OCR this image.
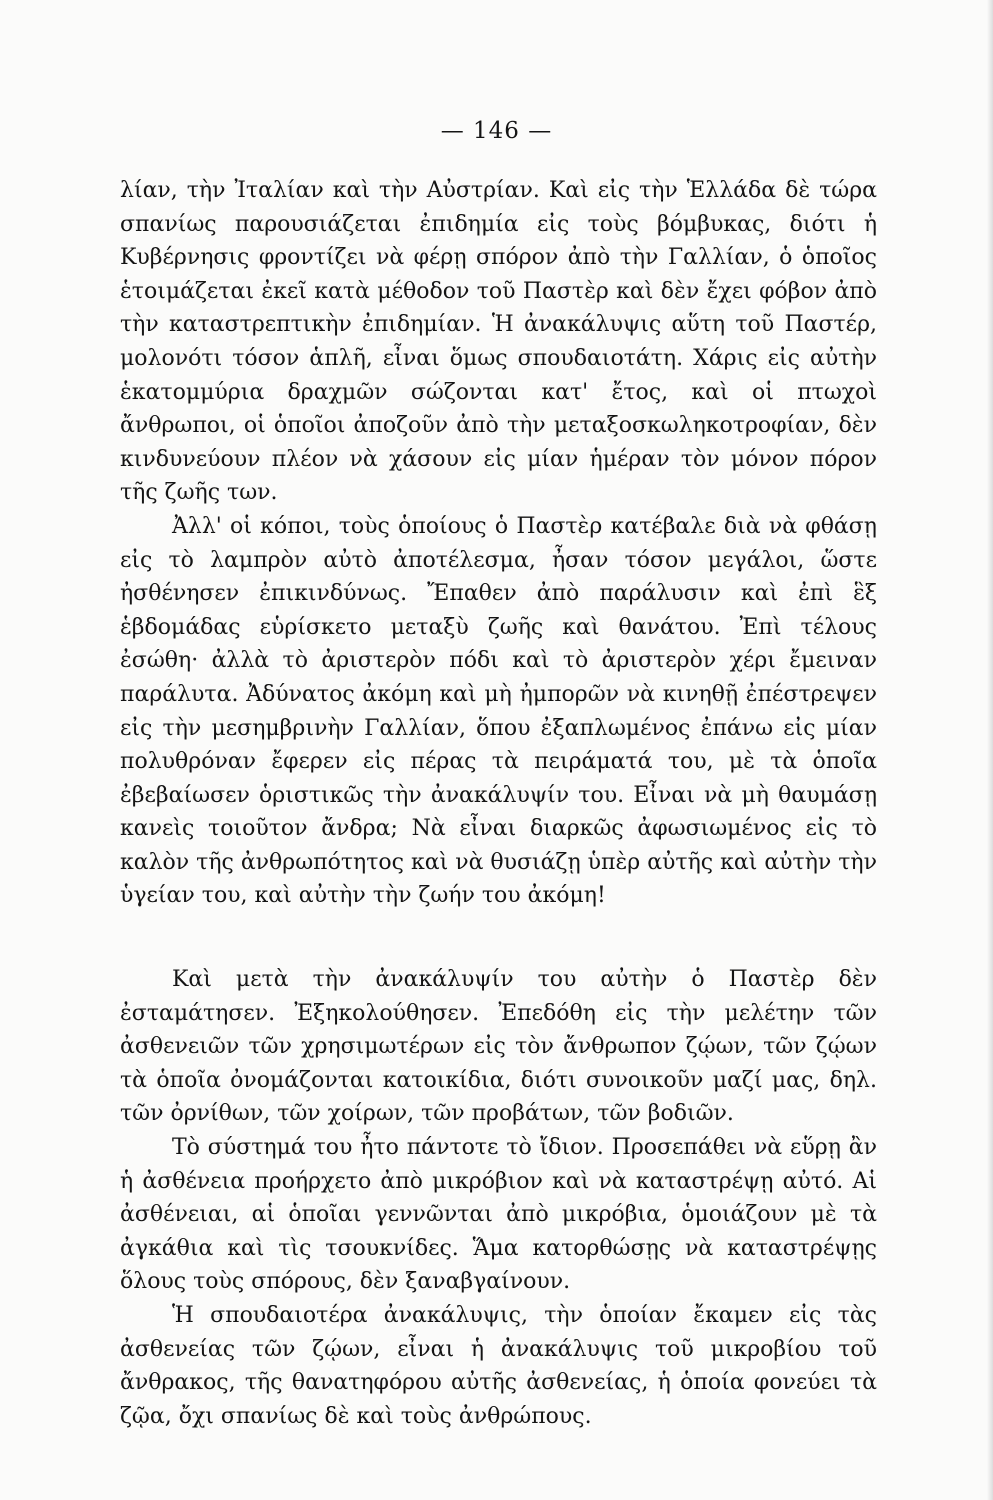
— 146 —

λίαν, τὴν Ἰταλίαν καὶ τὴν Αὐστρίαν. Καὶ εἰς τὴν Ἑλλάδα δὲ τώρα σπανίως παρουσιάζεται ἐπιδημία εἰς τοὺς βόμβυκας, διότι ἡ Κυβέρνησις φροντίζει νὰ φέρῃ σπόρον ἀπὸ τὴν Γαλλίαν, ὁ ὁποῖος ἑτοιμάζεται ἐκεῖ κατὰ μέθοδον τοῦ Παστὲρ καὶ δὲν ἔχει φόβον ἀπὸ τὴν καταστρεπτικὴν ἐπιδημίαν. Ἡ ἀνακάλυψις αὕτη τοῦ Παστέρ, μολονότι τόσον ἁπλῆ, εἶναι ὅμως σπουδαιοτάτη. Χάρις εἰς αὐτὴν ἑκατομμύρια δραχμῶν σώζονται κατ' ἔτος, καὶ οἱ πτωχοὶ ἄνθρωποι, οἱ ὁποῖοι ἀποζοῦν ἀπὸ τὴν μεταξοσκωληκοτροφίαν, δὲν κινδυνεύουν πλέον νὰ χάσουν εἰς μίαν ἡμέραν τὸν μόνον πόρον τῆς ζωῆς των.

Ἀλλ' οἱ κόποι, τοὺς ὁποίους ὁ Παστὲρ κατέβαλε διὰ νὰ φθάσῃ εἰς τὸ λαμπρὸν αὐτὸ ἀποτέλεσμα, ἦσαν τόσον μεγάλοι, ὥστε ἠσθένησεν ἐπικινδύνως. Ἔπαθεν ἀπὸ παράλυσιν καὶ ἐπὶ ἓξ ἑβδομάδας εὑρίσκετο μεταξὺ ζωῆς καὶ θανάτου. Ἐπὶ τέλους ἐσώθη· ἀλλὰ τὸ ἀριστερὸν πόδι καὶ τὸ ἀριστερὸν χέρι ἔμειναν παράλυτα. Ἀδύνατος ἀκόμη καὶ μὴ ἠμπορῶν νὰ κινηθῇ ἐπέστρεψεν εἰς τὴν μεσημβρινὴν Γαλλίαν, ὅπου ἐξαπλωμένος ἐπάνω εἰς μίαν πολυθρόναν ἔφερεν εἰς πέρας τὰ πειράματά του, μὲ τὰ ὁποῖα ἐβεβαίωσεν ὁριστικῶς τὴν ἀνακάλυψίν του. Εἶναι νὰ μὴ θαυμάσῃ κανεὶς τοιοῦτον ἄνδρα; Νὰ εἶναι διαρκῶς ἀφωσιωμένος εἰς τὸ καλὸν τῆς ἀνθρωπότητος καὶ νὰ θυσιάζῃ ὑπὲρ αὐτῆς καὶ αὐτὴν τὴν ὑγείαν του, καὶ αὐτὴν τὴν ζωήν του ἀκόμη!

Καὶ μετὰ τὴν ἀνακάλυψίν του αὐτὴν ὁ Παστὲρ δὲν ἐσταμάτησεν. Ἐξηκολούθησεν. Ἐπεδόθη εἰς τὴν μελέτην τῶν ἀσθενειῶν τῶν χρησιμωτέρων εἰς τὸν ἄνθρωπον ζῴων, τῶν ζῴων τὰ ὁποῖα ὀνομάζονται κατοικίδια, διότι συνοικοῦν μαζί μας, δηλ. τῶν ὀρνίθων, τῶν χοίρων, τῶν προβάτων, τῶν βοδιῶν.

Τὸ σύστημά του ἦτο πάντοτε τὸ ἴδιον. Προσεπάθει νὰ εὕρῃ ἂν ἡ ἀσθένεια προήρχετο ἀπὸ μικρόβιον καὶ νὰ καταστρέψῃ αὐτό. Αἱ ἀσθένειαι, αἱ ὁποῖαι γεννῶνται ἀπὸ μικρόβια, ὁμοιάζουν μὲ τὰ ἀγκάθια καὶ τὶς τσουκνίδες. Ἅμα κατορθώσῃς νὰ καταστρέψῃς ὅλους τοὺς σπόρους, δὲν ξαναβγαίνουν.

Ἡ σπουδαιοτέρα ἀνακάλυψις, τὴν ὁποίαν ἔκαμεν εἰς τὰς ἀσθενείας τῶν ζῴων, εἶναι ἡ ἀνακάλυψις τοῦ μικροβίου τοῦ ἄνθρακος, τῆς θανατηφόρου αὐτῆς ἀσθενείας, ἡ ὁποία φονεύει τὰ ζῷα, ὄχι σπανίως δὲ καὶ τοὺς ἀνθρώπους.
